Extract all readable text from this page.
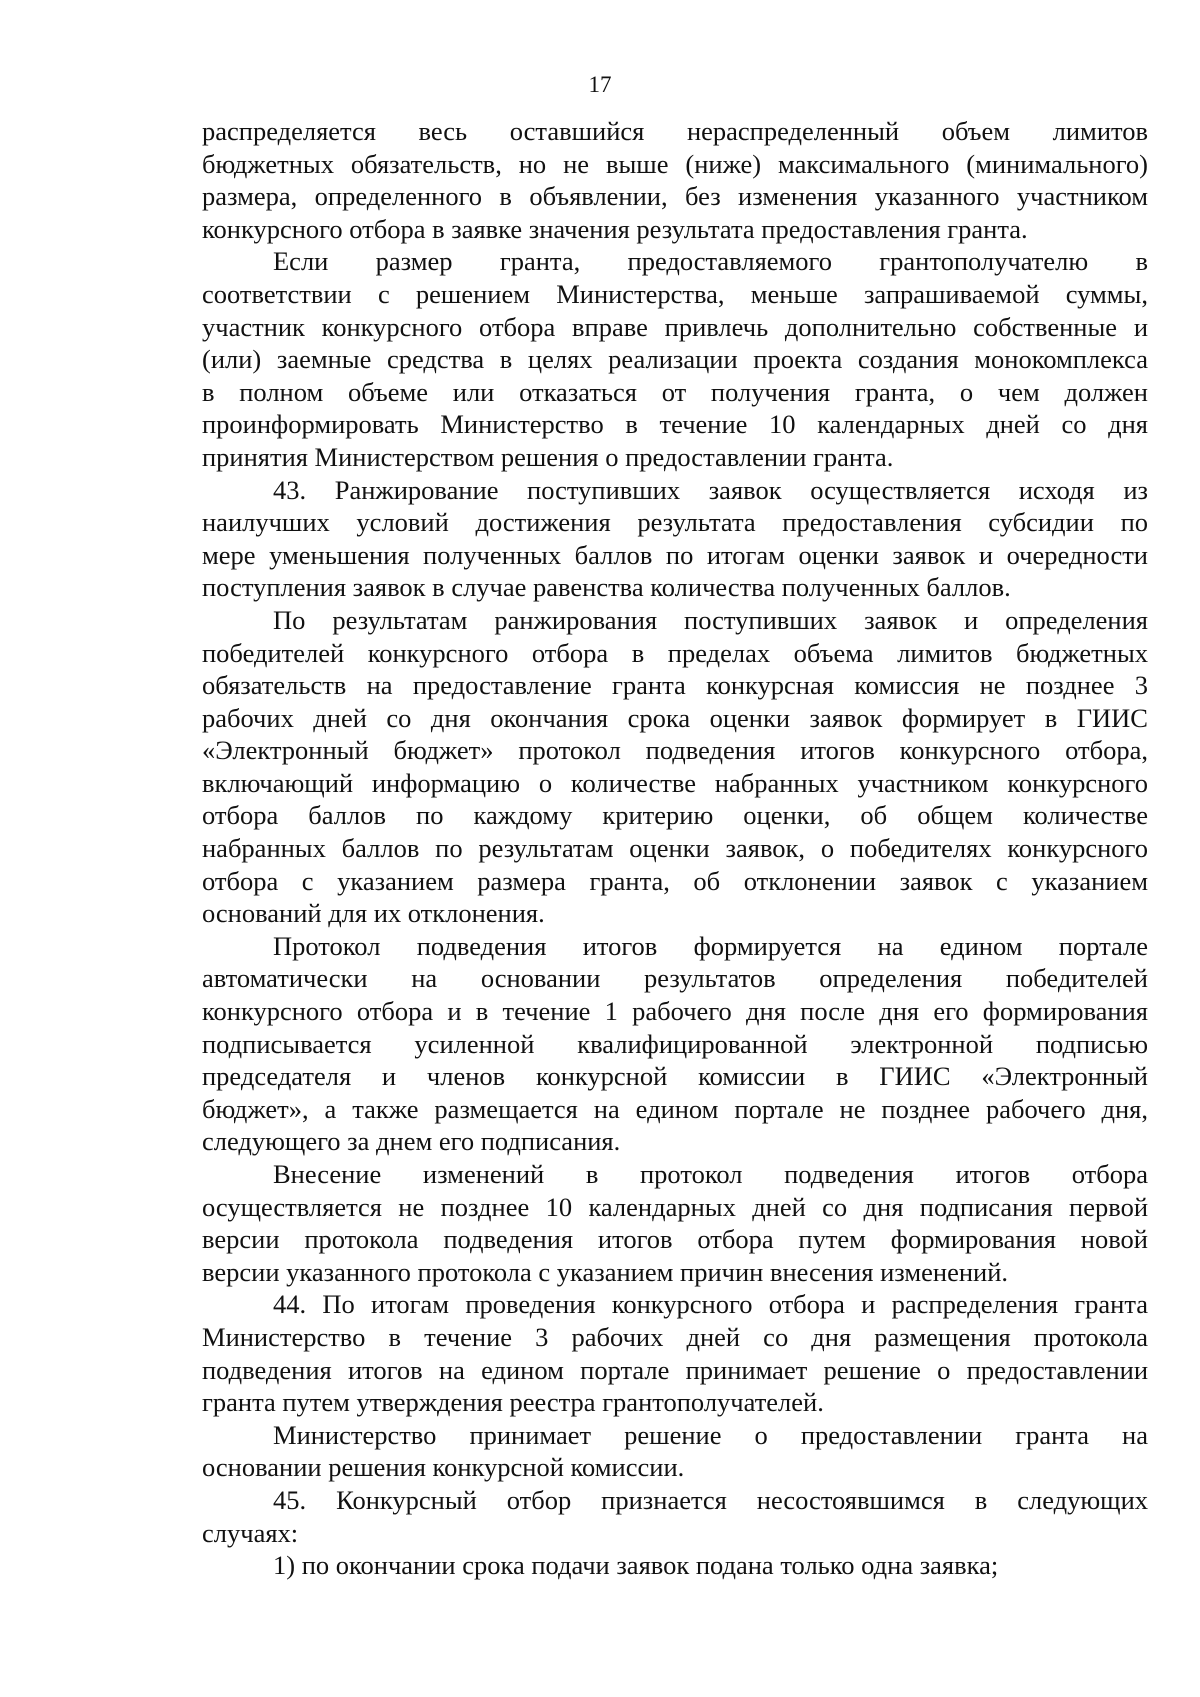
17
распределяется весь оставшийся нераспределенный объем лимитов
бюджетных обязательств, но не выше (ниже) максимального (минимального)
размера, определенного в объявлении, без изменения указанного участником
конкурсного отбора в заявке значения результата предоставления гранта.
Если размер гранта, предоставляемого грантополучателю в
соответствии с решением Министерства, меньше запрашиваемой суммы,
участник конкурсного отбора вправе привлечь дополнительно собственные и
(или) заемные средства в целях реализации проекта создания монокомплекса
в полном объеме или отказаться от получения гранта, о чем должен
проинформировать Министерство в течение 10 календарных дней со дня
принятия Министерством решения о предоставлении гранта.
43. Ранжирование поступивших заявок осуществляется исходя из
наилучших условий достижения результата предоставления субсидии по
мере уменьшения полученных баллов по итогам оценки заявок и очередности
поступления заявок в случае равенства количества полученных баллов.
По результатам ранжирования поступивших заявок и определения
победителей конкурсного отбора в пределах объема лимитов бюджетных
обязательств на предоставление гранта конкурсная комиссия не позднее 3
рабочих дней со дня окончания срока оценки заявок формирует в ГИИС
«Электронный бюджет» протокол подведения итогов конкурсного отбора,
включающий информацию о количестве набранных участником конкурсного
отбора баллов по каждому критерию оценки, об общем количестве
набранных баллов по результатам оценки заявок, о победителях конкурсного
отбора с указанием размера гранта, об отклонении заявок с указанием
оснований для их отклонения.
Протокол подведения итогов формируется на едином портале
автоматически на основании результатов определения победителей
конкурсного отбора и в течение 1 рабочего дня после дня его формирования
подписывается усиленной квалифицированной электронной подписью
председателя и членов конкурсной комиссии в ГИИС «Электронный
бюджет», а также размещается на едином портале не позднее рабочего дня,
следующего за днем его подписания.
Внесение изменений в протокол подведения итогов отбора
осуществляется не позднее 10 календарных дней со дня подписания первой
версии протокола подведения итогов отбора путем формирования новой
версии указанного протокола с указанием причин внесения изменений.
44. По итогам проведения конкурсного отбора и распределения гранта
Министерство в течение 3 рабочих дней со дня размещения протокола
подведения итогов на едином портале принимает решение о предоставлении
гранта путем утверждения реестра грантополучателей.
Министерство принимает решение о предоставлении гранта на
основании решения конкурсной комиссии.
45. Конкурсный отбор признается несостоявшимся в следующих
случаях:
1) по окончании срока подачи заявок подана только одна заявка;
